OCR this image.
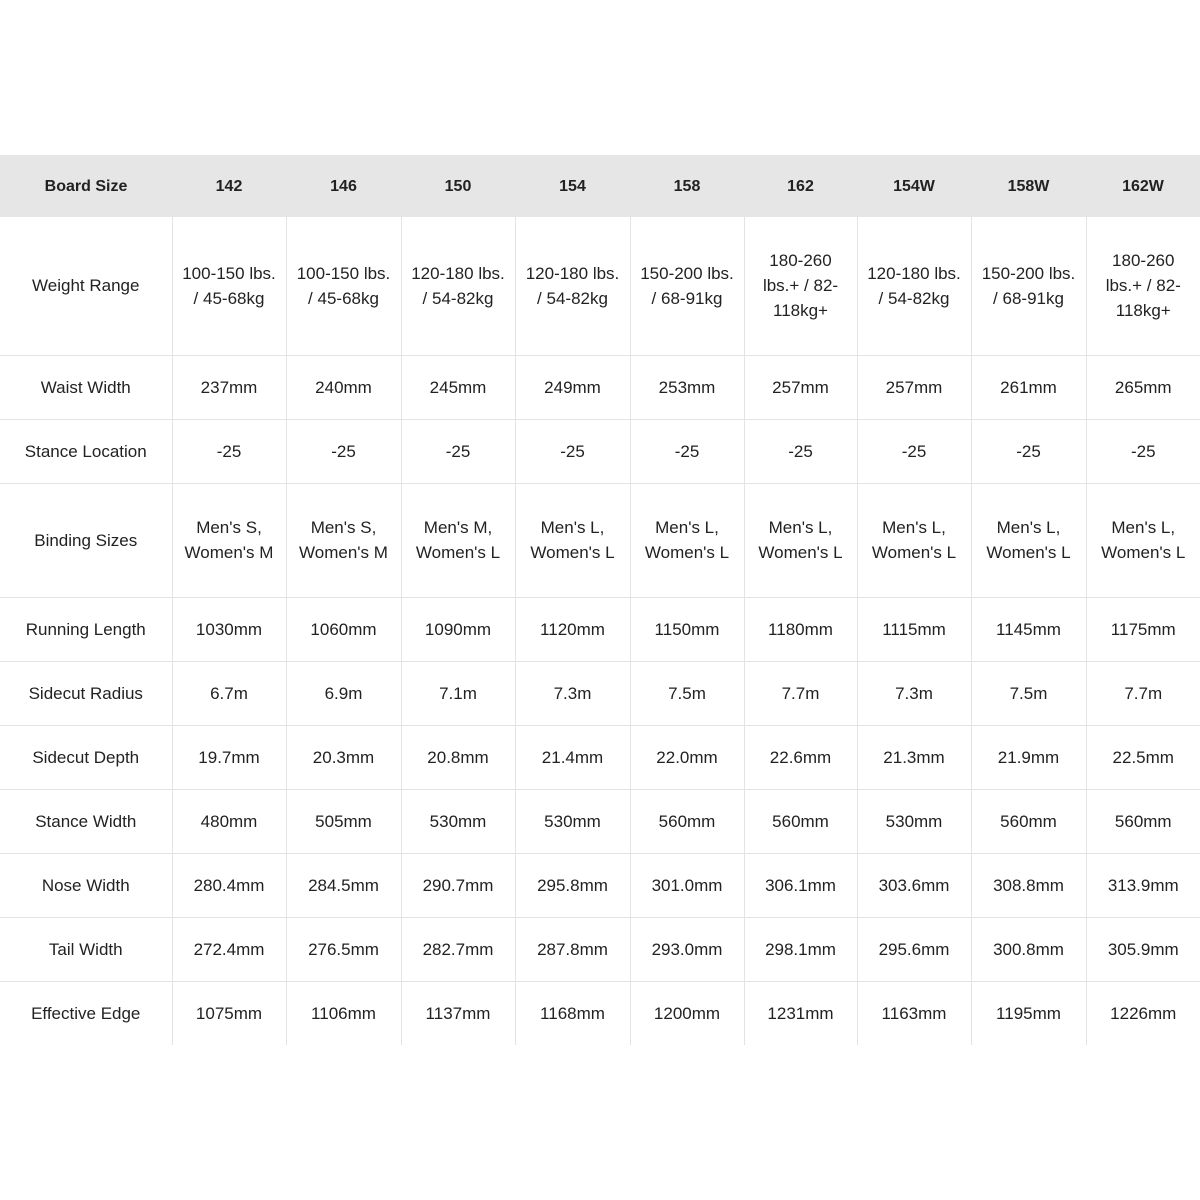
Board Size	142	146	150	154	158	162	154W	158W	162W
Weight Range	100-150 lbs. / 45-68kg	100-150 lbs. / 45-68kg	120-180 lbs. / 54-82kg	120-180 lbs. / 54-82kg	150-200 lbs. / 68-91kg	180-260 lbs.+ / 82-118kg+	120-180 lbs. / 54-82kg	150-200 lbs. / 68-91kg	180-260 lbs.+ / 82-118kg+
Waist Width	237mm	240mm	245mm	249mm	253mm	257mm	257mm	261mm	265mm
Stance Location	-25	-25	-25	-25	-25	-25	-25	-25	-25
Binding Sizes	Men's S, Women's M	Men's S, Women's M	Men's M, Women's L	Men's L, Women's L	Men's L, Women's L	Men's L, Women's L	Men's L, Women's L	Men's L, Women's L	Men's L, Women's L
Running Length	1030mm	1060mm	1090mm	1120mm	1150mm	1180mm	1115mm	1145mm	1175mm
Sidecut Radius	6.7m	6.9m	7.1m	7.3m	7.5m	7.7m	7.3m	7.5m	7.7m
Sidecut Depth	19.7mm	20.3mm	20.8mm	21.4mm	22.0mm	22.6mm	21.3mm	21.9mm	22.5mm
Stance Width	480mm	505mm	530mm	530mm	560mm	560mm	530mm	560mm	560mm
Nose Width	280.4mm	284.5mm	290.7mm	295.8mm	301.0mm	306.1mm	303.6mm	308.8mm	313.9mm
Tail Width	272.4mm	276.5mm	282.7mm	287.8mm	293.0mm	298.1mm	295.6mm	300.8mm	305.9mm
Effective Edge	1075mm	1106mm	1137mm	1168mm	1200mm	1231mm	1163mm	1195mm	1226mm
